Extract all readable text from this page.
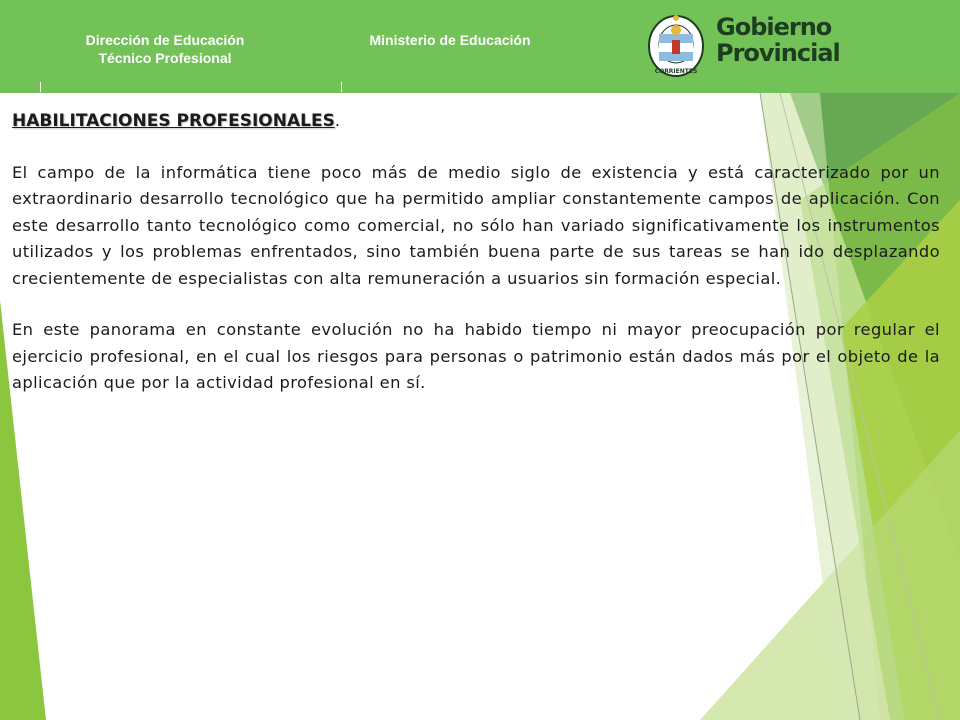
Dirección de Educación
Técnico Profesional
Ministerio de Educación
CORRIENTES
Gobierno
Provincial
HABILITACIONES PROFESIONALES.

El campo de la informática tiene poco más de medio siglo de existencia y está caracterizado por un extraordinario desarrollo tecnológico que ha permitido ampliar constantemente campos de aplicación. Con este desarrollo tanto tecnológico como comercial, no sólo han variado significativamente los instrumentos utilizados y los problemas enfrentados, sino también buena parte de sus tareas se han ido desplazando crecientemente de especialistas con alta remuneración a usuarios sin formación especial.

En este panorama en constante evolución no ha habido tiempo ni mayor preocupación por regular el ejercicio profesional, en el cual los riesgos para personas o patrimonio están dados más por el objeto de la aplicación que por la actividad profesional en sí.
